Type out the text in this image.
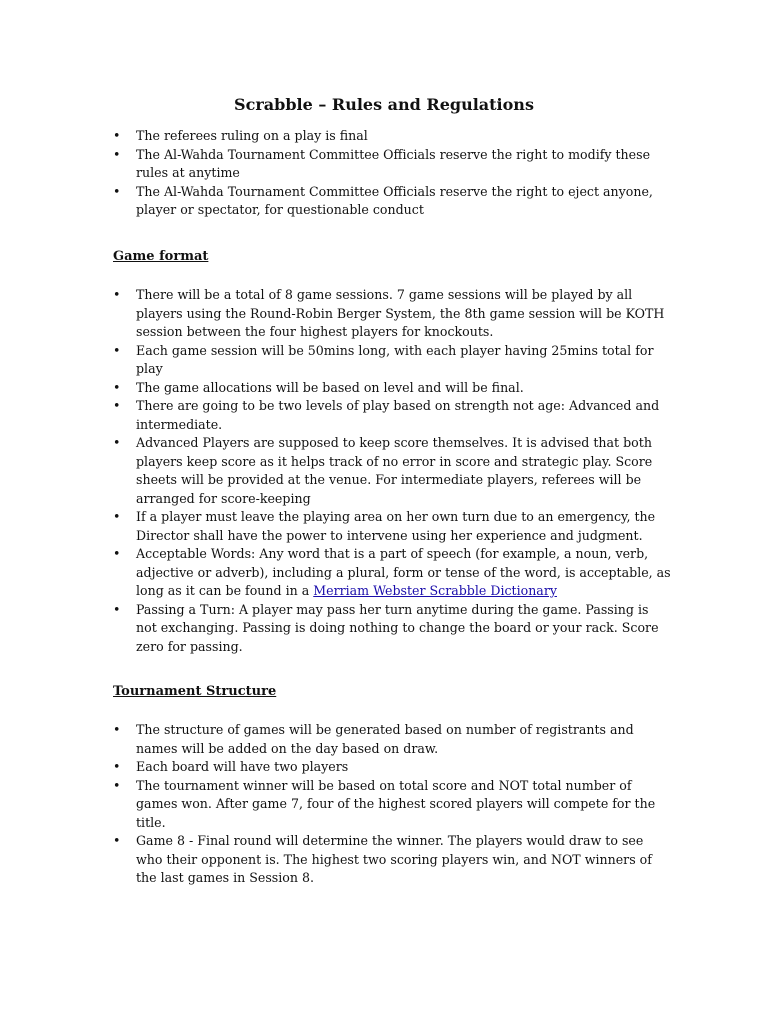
Scrabble – Rules and Regulations
• The referees ruling on a play is final
• The Al-Wahda Tournament Committee Officials reserve the right to modify these rules at anytime
• The Al-Wahda Tournament Committee Officials reserve the right to eject anyone, player or spectator, for questionable conduct

Game format

• There will be a total of 8 game sessions. 7 game sessions will be played by all players using the Round-Robin Berger System, the 8th game session will be KOTH session between the four highest players for knockouts.
• Each game session will be 50mins long, with each player having 25mins total for play
• The game allocations will be based on level and will be final.
• There are going to be two levels of play based on strength not age: Advanced and intermediate.
• Advanced Players are supposed to keep score themselves. It is advised that both players keep score as it helps track of no error in score and strategic play. Score sheets will be provided at the venue. For intermediate players, referees will be arranged for score-keeping
• If a player must leave the playing area on her own turn due to an emergency, the Director shall have the power to intervene using her experience and judgment.
• Acceptable Words: Any word that is a part of speech (for example, a noun, verb, adjective or adverb), including a plural, form or tense of the word, is acceptable, as long as it can be found in a Merriam Webster Scrabble Dictionary
• Passing a Turn: A player may pass her turn anytime during the game. Passing is not exchanging. Passing is doing nothing to change the board or your rack. Score zero for passing.

Tournament Structure

• The structure of games will be generated based on number of registrants and names will be added on the day based on draw.
• Each board will have two players
• The tournament winner will be based on total score and NOT total number of games won. After game 7, four of the highest scored players will compete for the title.
• Game 8 - Final round will determine the winner. The players would draw to see who their opponent is. The highest two scoring players win, and NOT winners of the last games in Session 8.
